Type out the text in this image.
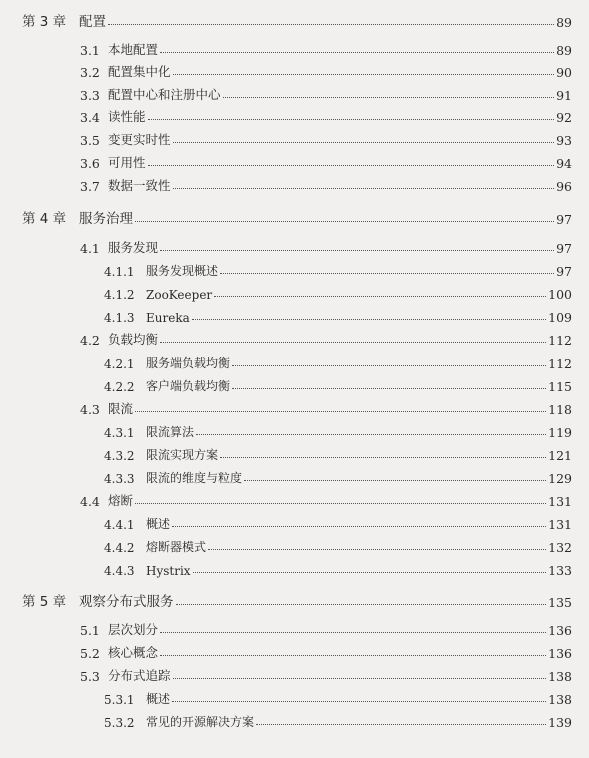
第 3 章 配置	89
3.1 本地配置	89
3.2 配置集中化	90
3.3 配置中心和注册中心	91
3.4 读性能	92
3.5 变更实时性	93
3.6 可用性	94
3.7 数据一致性	96
第 4 章 服务治理	97
4.1 服务发现	97
4.1.1 服务发现概述	97
4.1.2 ZooKeeper	100
4.1.3 Eureka	109
4.2 负载均衡	112
4.2.1 服务端负载均衡	112
4.2.2 客户端负载均衡	115
4.3 限流	118
4.3.1 限流算法	119
4.3.2 限流实现方案	121
4.3.3 限流的维度与粒度	129
4.4 熔断	131
4.4.1 概述	131
4.4.2 熔断器模式	132
4.4.3 Hystrix	133
第 5 章 观察分布式服务	135
5.1 层次划分	136
5.2 核心概念	136
5.3 分布式追踪	138
5.3.1 概述	138
5.3.2 常见的开源解决方案	139
